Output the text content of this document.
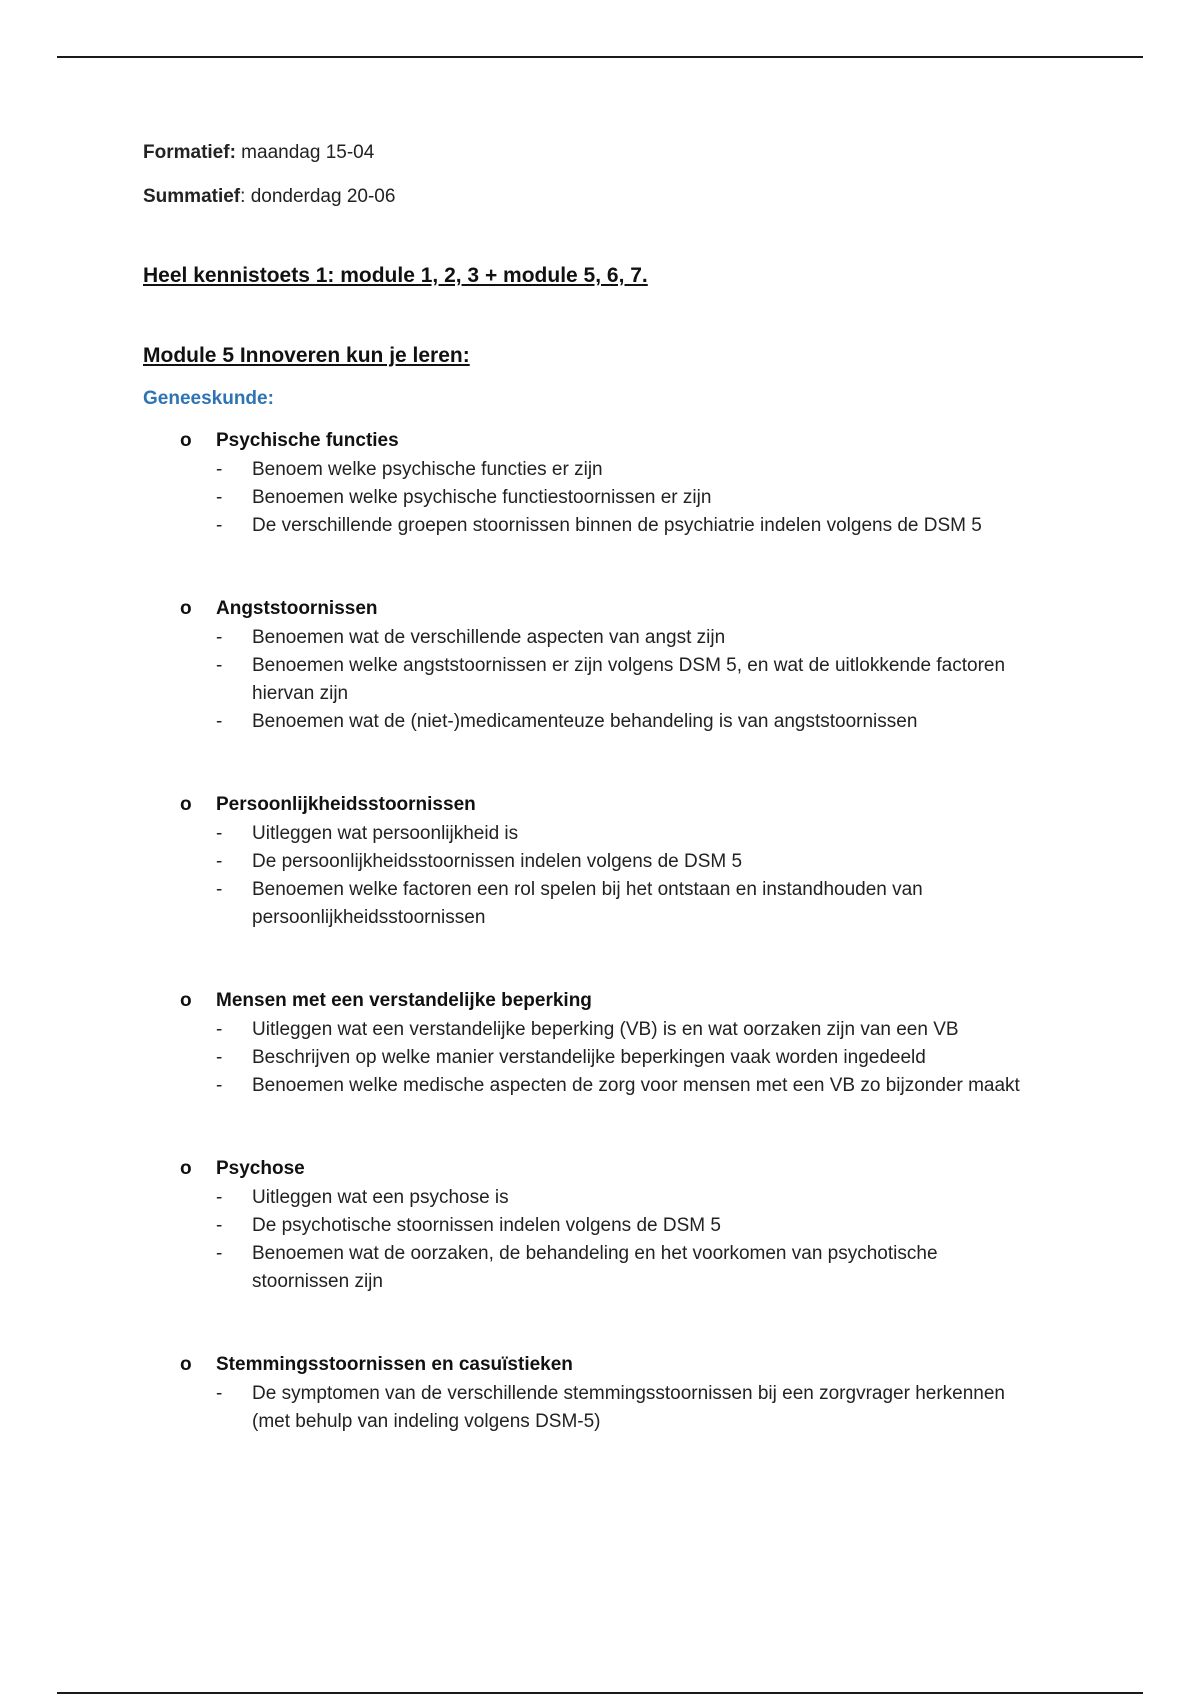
Formatief: maandag 15-04

Summatief: donderdag 20-06

Heel kennistoets 1: module 1, 2, 3 + module 5, 6, 7.
Module 5 Innoveren kun je leren:
Geneeskunde:
o Psychische functies
- Benoem welke psychische functies er zijn
- Benoemen welke psychische functiestoornissen er zijn
- De verschillende groepen stoornissen binnen de psychiatrie indelen volgens de DSM 5
o Angststoornissen
- Benoemen wat de verschillende aspecten van angst zijn
- Benoemen welke angststoornissen er zijn volgens DSM 5, en wat de uitlokkende factoren hiervan zijn
- Benoemen wat de (niet-)medicamenteuze behandeling is van angststoornissen
o Persoonlijkheidsstoornissen
- Uitleggen wat persoonlijkheid is
- De persoonlijkheidsstoornissen indelen volgens de DSM 5
- Benoemen welke factoren een rol spelen bij het ontstaan en instandhouden van persoonlijkheidsstoornissen
o Mensen met een verstandelijke beperking
- Uitleggen wat een verstandelijke beperking (VB) is en wat oorzaken zijn van een VB
- Beschrijven op welke manier verstandelijke beperkingen vaak worden ingedeeld
- Benoemen welke medische aspecten de zorg voor mensen met een VB zo bijzonder maakt
o Psychose
- Uitleggen wat een psychose is
- De psychotische stoornissen indelen volgens de DSM 5
- Benoemen wat de oorzaken, de behandeling en het voorkomen van psychotische stoornissen zijn
o Stemmingsstoornissen en casuïstieken
- De symptomen van de verschillende stemmingsstoornissen bij een zorgvrager herkennen (met behulp van indeling volgens DSM-5)
